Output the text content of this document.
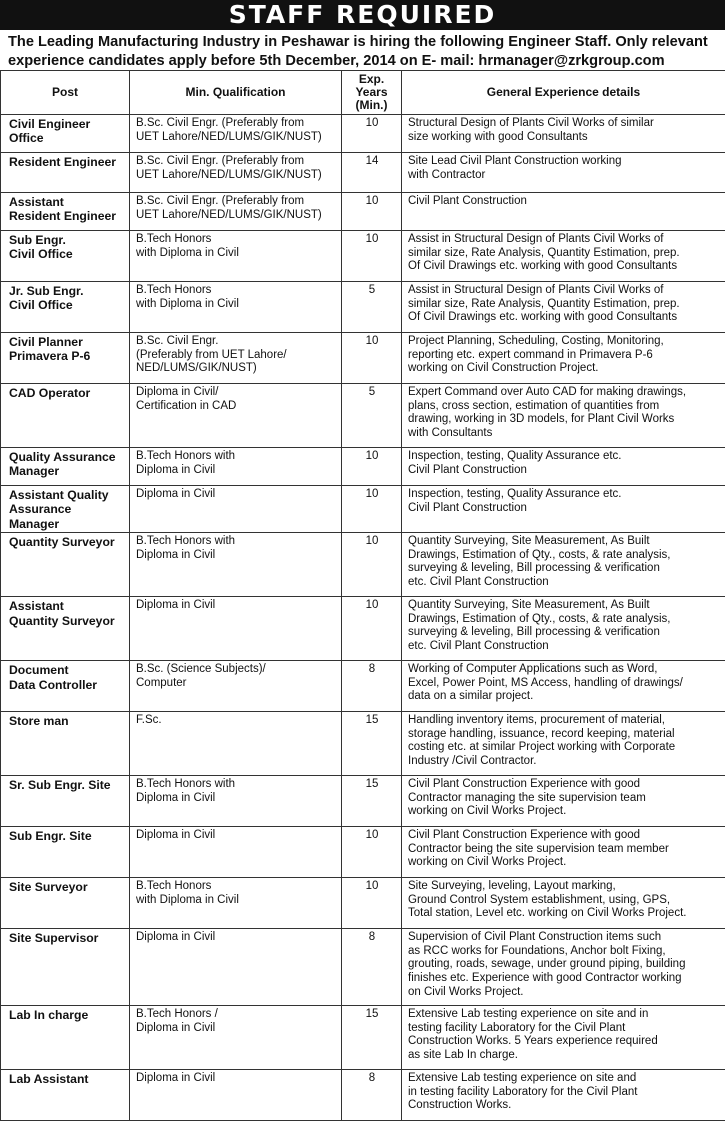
STAFF REQUIRED
The Leading Manufacturing Industry in Peshawar is hiring the following Engineer Staff. Only relevant
experience candidates apply before 5th December, 2014 on E- mail: hrmanager@zrkgroup.com
Post	Min. Qualification	Exp.
Years
(Min.)	General Experience details

Civil Engineer
Office	B.Sc. Civil Engr. (Preferably from
UET Lahore/NED/LUMS/GIK/NUST)	10	Structural Design of Plants Civil Works of similar
size working with good Consultants

Resident Engineer	B.Sc. Civil Engr. (Preferably from
UET Lahore/NED/LUMS/GIK/NUST)	14	Site Lead Civil Plant Construction working
with Contractor

Assistant
Resident Engineer	B.Sc. Civil Engr. (Preferably from
UET Lahore/NED/LUMS/GIK/NUST)	10	Civil Plant Construction

Sub Engr.
Civil Office	B.Tech Honors
with Diploma in Civil	10	Assist in Structural Design of Plants Civil Works of
similar size, Rate Analysis, Quantity Estimation, prep.
Of Civil Drawings etc. working with good Consultants

Jr. Sub Engr.
Civil Office	B.Tech Honors
with Diploma in Civil	5	Assist in Structural Design of Plants Civil Works of
similar size, Rate Analysis, Quantity Estimation, prep.
Of Civil Drawings etc. working with good Consultants

Civil Planner
Primavera P-6	B.Sc. Civil Engr.
(Preferably from UET Lahore/
NED/LUMS/GIK/NUST)	10	Project Planning, Scheduling, Costing, Monitoring,
reporting etc. expert command in Primavera P-6
working on Civil Construction Project.

CAD Operator	Diploma in Civil/
Certification in CAD	5	Expert Command over Auto CAD for making drawings,
plans, cross section, estimation of quantities from
drawing, working in 3D models, for Plant Civil Works
with Consultants

Quality Assurance
Manager	B.Tech Honors with
Diploma in Civil	10	Inspection, testing, Quality Assurance etc.
Civil Plant Construction

Assistant Quality
Assurance Manager	Diploma in Civil	10	Inspection, testing, Quality Assurance etc.
Civil Plant Construction

Quantity Surveyor	B.Tech Honors with
Diploma in Civil	10	Quantity Surveying, Site Measurement, As Built
Drawings, Estimation of Qty., costs, & rate analysis,
surveying & leveling, Bill processing & verification
etc. Civil Plant Construction

Assistant
Quantity Surveyor	Diploma in Civil	10	Quantity Surveying, Site Measurement, As Built
Drawings, Estimation of Qty., costs, & rate analysis,
surveying & leveling, Bill processing & verification
etc. Civil Plant Construction

Document
Data Controller	B.Sc. (Science Subjects)/
Computer	8	Working of Computer Applications such as Word,
Excel, Power Point, MS Access, handling of drawings/
data on a similar project.

Store man	F.Sc.	15	Handling inventory items, procurement of material,
storage handling, issuance, record keeping, material
costing etc. at similar Project working with Corporate
Industry /Civil Contractor.

Sr. Sub Engr. Site	B.Tech Honors with
Diploma in Civil	15	Civil Plant Construction Experience with good
Contractor managing the site supervision team
working on Civil Works Project.

Sub Engr. Site	Diploma in Civil	10	Civil Plant Construction Experience with good
Contractor being the site supervision team member
working on Civil Works Project.

Site Surveyor	B.Tech Honors
with Diploma in Civil	10	Site Surveying, leveling, Layout marking,
Ground Control System establishment, using, GPS,
Total station, Level etc. working on Civil Works Project.

Site Supervisor	Diploma in Civil	8	Supervision of Civil Plant Construction items such
as RCC works for Foundations, Anchor bolt Fixing,
grouting, roads, sewage, under ground piping, building
finishes etc. Experience with good Contractor working
on Civil Works Project.

Lab In charge	B.Tech Honors /
Diploma in Civil	15	Extensive Lab testing experience on site and in
testing facility Laboratory for the Civil Plant
Construction Works. 5 Years experience required
as site Lab In charge.

Lab Assistant	Diploma in Civil	8	Extensive Lab testing experience on site and
in testing facility Laboratory for the Civil Plant
Construction Works.
